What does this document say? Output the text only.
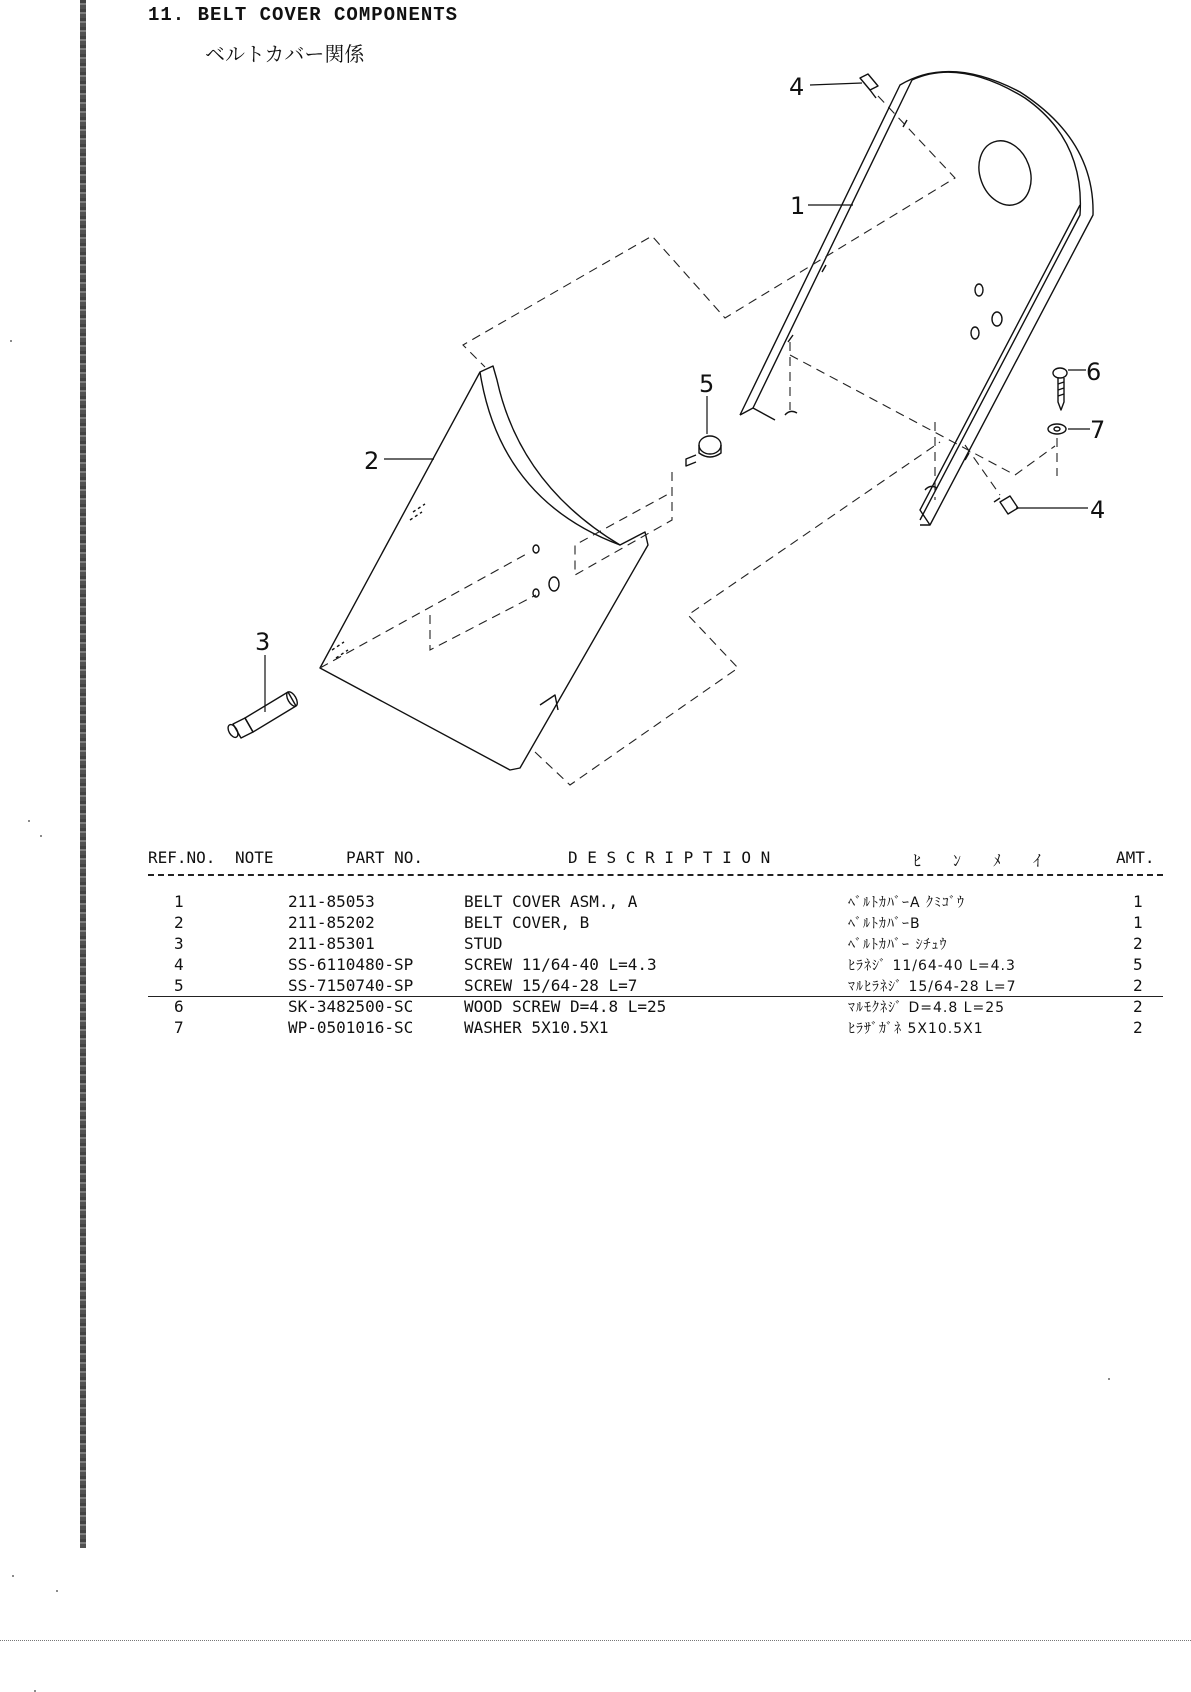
11. BELT COVER COMPONENTS
ベルトカバー関係
4
1
2
3
5	6
7
4
REF.NO. NOTE	PART NO.	D E S C R I P T I O N	ﾋ　　ﾝ　　ﾒ　　ｲ	AMT.
1	211-85053	BELT COVER ASM., A	ﾍﾞﾙﾄｶﾊﾞｰA ｸﾐｺﾞｳ	1
2	211-85202	BELT COVER, B	ﾍﾞﾙﾄｶﾊﾞｰB	1
3	211-85301	STUD	ﾍﾞﾙﾄｶﾊﾞｰ ｼﾁｭｳ	2
4	SS-6110480-SP	SCREW 11/64-40 L=4.3	ﾋﾗﾈｼﾞ 11/64-40 L=4.3	5
5	SS-7150740-SP	SCREW 15/64-28 L=7	ﾏﾙﾋﾗﾈｼﾞ 15/64-28 L=7	2
6	SK-3482500-SC	WOOD SCREW D=4.8 L=25	ﾏﾙﾓｸﾈｼﾞ D=4.8 L=25	2
7	WP-0501016-SC	WASHER 5X10.5X1	ﾋﾗｻﾞｶﾞﾈ 5X10.5X1	2
